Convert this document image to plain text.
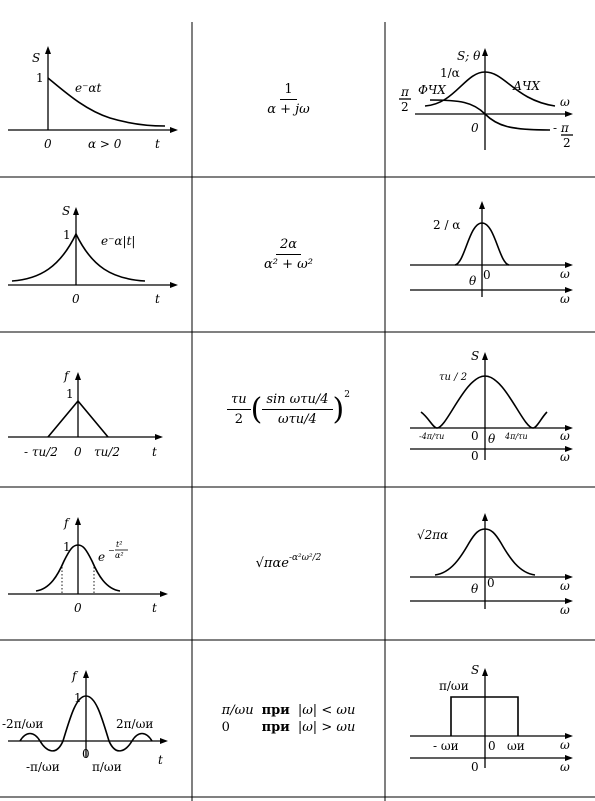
S
1
e⁻αt
0	α > 0	t
$\frac{1}{\alpha + j\omega}$
S; θ
1/α
π
2
ФЧХ	АЧХ
ω
0	- π
2
S
1	e⁻α|t|
0	t
$\frac{2\alpha}{\text{α² + ω²}}$
2 / α
0
θ	ω
ω
f
1
- τи/2 0 τи/2	t
$\frac{\tau и}{2}$ ( $\frac{\text{sin ωτи/4}}{\text{ωτи/4}} )^2$
S
τи / 2
-4π/τи 0 θ 4π/τи	ω
0	ω
f
1
e −
t²
α²
0	t
√παe$^{-\alpha^2\omega^2/2}$
√2πα
θ 0	ω
ω
f
1
-2π/ωи	2π/ωи
-π/ωи
0
π/ωи	t
π/ωи	при	|ω| < ωи
0	при	|ω| > ωи
S
π/ωи
- ωи 0 ωи	ω
0	ω
